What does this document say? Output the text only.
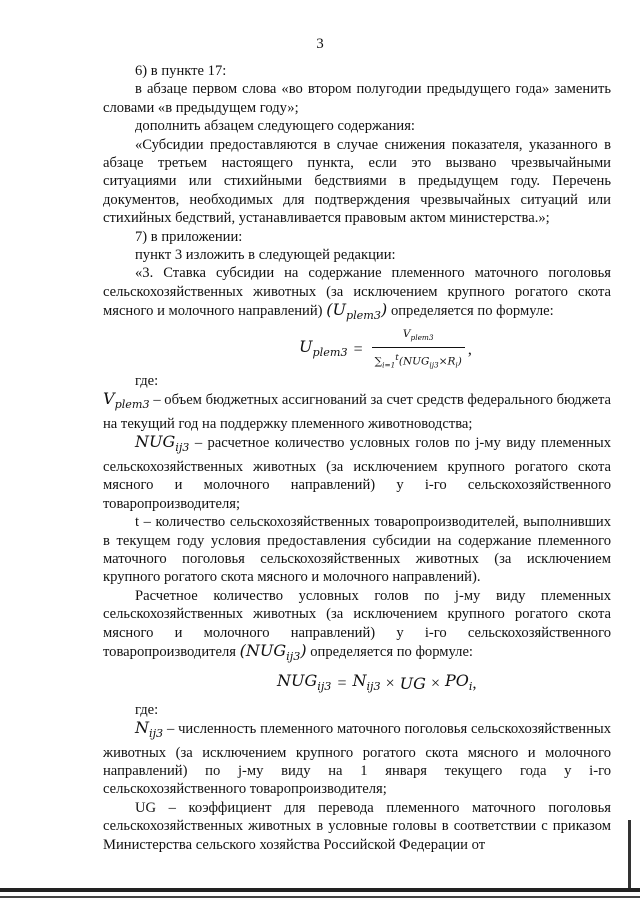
3

6) в пункте 17:

в абзаце первом слова «во втором полугодии предыдущего года» заменить словами «в предыдущем году»;

дополнить абзацем следующего содержания:

«Субсидии предоставляются в случае снижения показателя, указанного в абзаце третьем настоящего пункта, если это вызвано чрезвычайными ситуациями или стихийными бедствиями в предыдущем году. Перечень документов, необходимых для подтверждения чрезвычайных ситуаций или стихийных бедствий, устанавливается правовым актом министерства.»;

7) в приложении:

пункт 3 изложить в следующей редакции:

«3. Ставка субсидии на содержание племенного маточного поголовья сельскохозяйственных животных (за исключением крупного рогатого скота мясного и молочного направлений) $(U_{plem3})$ определяется по формуле:

$U_{plem3} = \frac{V_{plem3}}{\sum_{i=1}^t(NUG_{ij3}\times R_i)}$ ,

где:

$V_{plem3}$ – объем бюджетных ассигнований за счет средств федерального бюджета на текущий год на поддержку племенного животноводства;

$NUG_{ij3}$ – расчетное количество условных голов по j-му виду племенных сельскохозяйственных животных (за исключением крупного рогатого скота мясного и молочного направлений) у i-го сельскохозяйственного товаропроизводителя;

t – количество сельскохозяйственных товаропроизводителей, выполнивших в текущем году условия предоставления субсидии на содержание племенного маточного поголовья сельскохозяйственных животных (за исключением крупного рогатого скота мясного и молочного направлений).

Расчетное количество условных голов по j-му виду племенных сельскохозяйственных животных (за исключением крупного рогатого скота мясного и молочного направлений) у i-го сельскохозяйственного товаропроизводителя $(NUG_{ij3})$ определяется по формуле:

$NUG_{ij3} = N_{ij3}$ × UG × $PO_i$ ,

где:

$N_{ij3}$ – численность племенного маточного поголовья сельскохозяйственных животных (за исключением крупного рогатого скота мясного и молочного направлений) по j-му виду на 1 января текущего года у i-го сельскохозяйственного товаропроизводителя;

UG – коэффициент для перевода племенного маточного поголовья сельскохозяйственных животных в условные головы в соответствии с приказом Министерства сельского хозяйства Российской Федерации от
